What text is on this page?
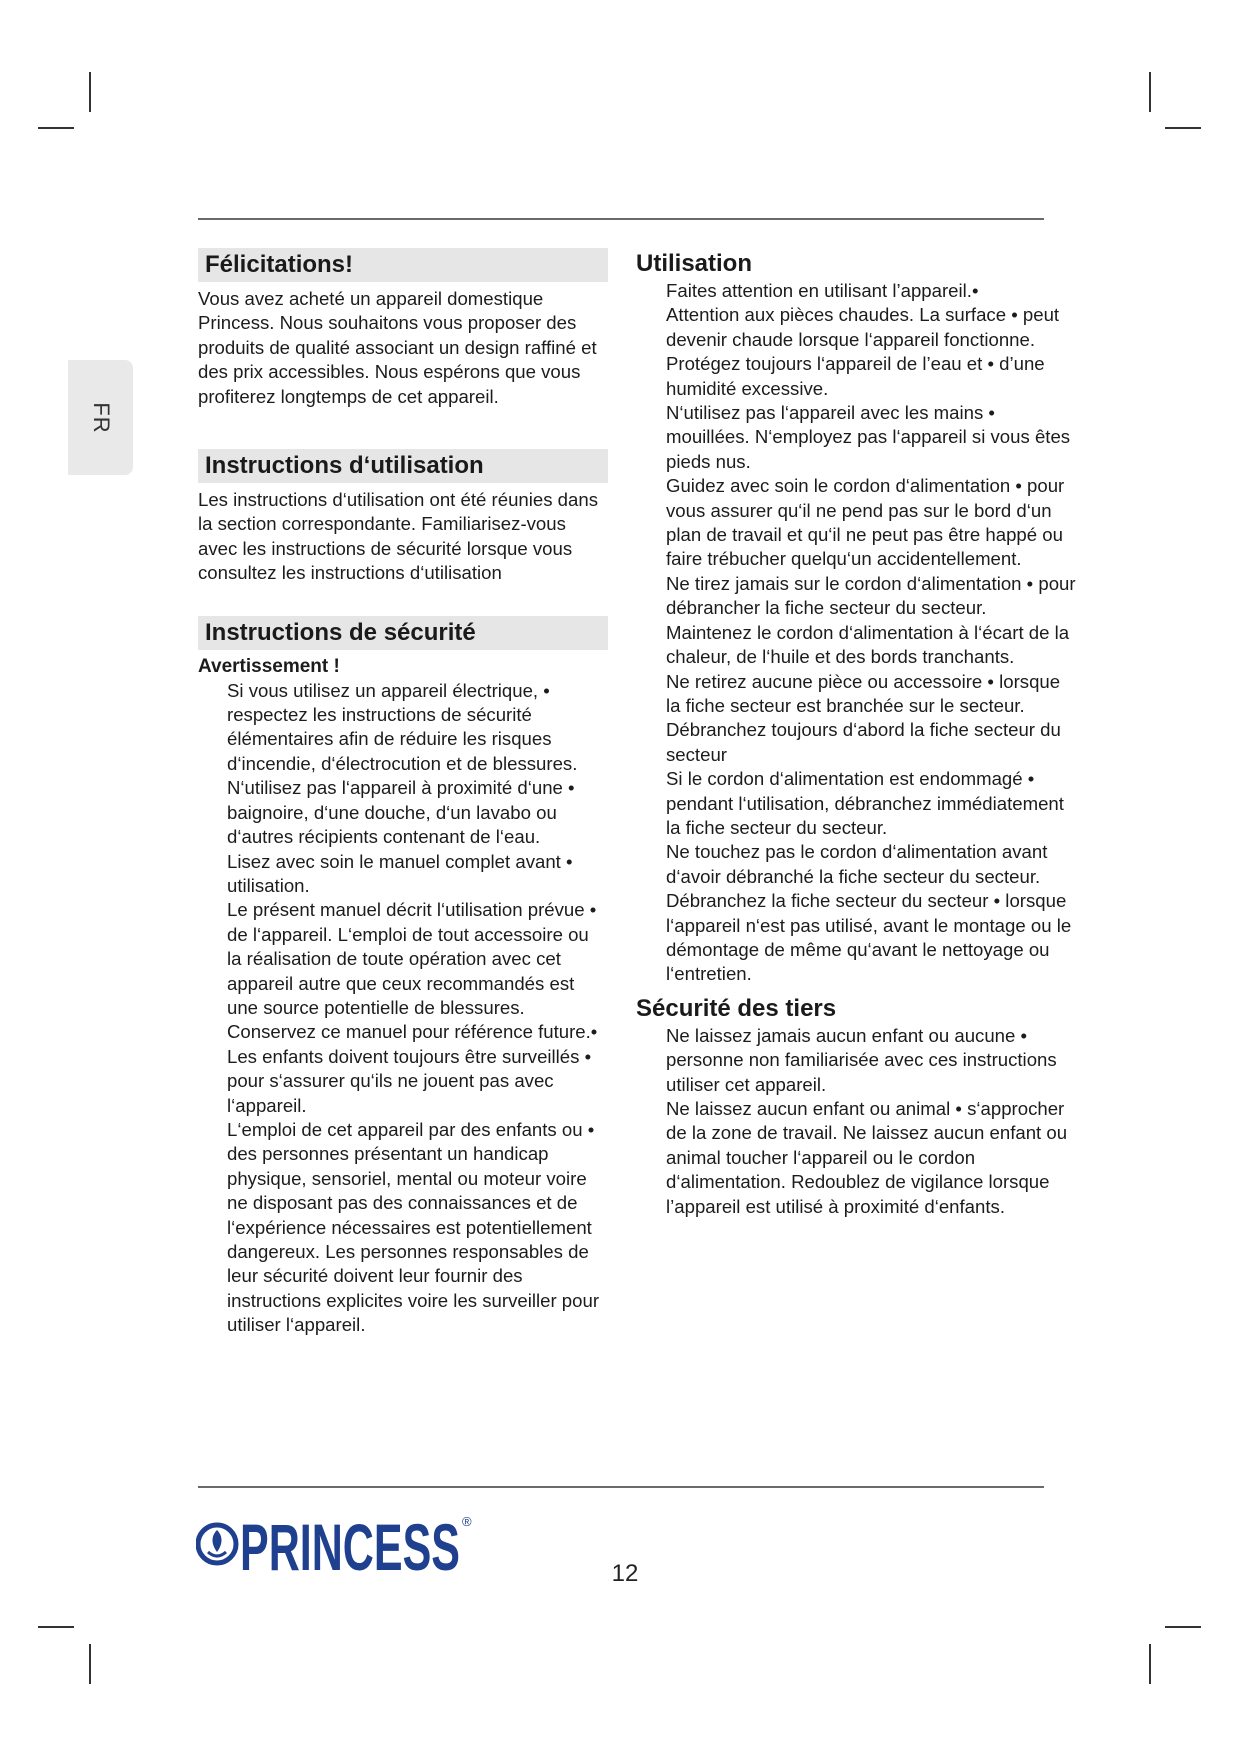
FR
Félicitations!

Vous avez acheté un appareil domestique Princess. Nous souhaitons vous proposer des produits de qualité associant un design raffiné et des prix accessibles. Nous espérons que vous profiterez longtemps de cet appareil.

Instructions d‘utilisation

Les instructions d‘utilisation ont été réunies dans la section correspondante. Familiarisez-vous avec les instructions de sécurité lorsque vous consultez les instructions d‘utilisation

Instructions de sécurité
Avertissement !
Si vous utilisez un appareil électrique, • respectez les instructions de sécurité élémentaires afin de réduire les risques d‘incendie, d‘électrocution et de blessures.
N‘utilisez pas l‘appareil à proximité d‘une • baignoire, d‘une douche, d‘un lavabo ou d‘autres récipients contenant de l‘eau.
Lisez avec soin le manuel complet avant • utilisation.
Le présent manuel décrit l‘utilisation prévue • de l‘appareil. L‘emploi de tout accessoire ou la réalisation de toute opération avec cet appareil autre que ceux recommandés est une source potentielle de blessures.
Conservez ce manuel pour référence future.•
Les enfants doivent toujours être surveillés • pour s‘assurer qu‘ils ne jouent pas avec l‘appareil.
L‘emploi de cet appareil par des enfants ou • des personnes présentant un handicap physique, sensoriel, mental ou moteur voire ne disposant pas des connaissances et de l‘expérience nécessaires est potentiellement dangereux. Les personnes responsables de leur sécurité doivent leur fournir des instructions explicites voire les surveiller pour utiliser l‘appareil.
Utilisation
Faites attention en utilisant l’appareil.•
Attention aux pièces chaudes. La surface • peut devenir chaude lorsque l‘appareil fonctionne.
Protégez toujours l‘appareil de l’eau et • d’une humidité excessive.
N‘utilisez pas l‘appareil avec les mains • mouillées. N‘employez pas l‘appareil si vous êtes pieds nus.
Guidez avec soin le cordon d‘alimentation • pour vous assurer qu‘il ne pend pas sur le bord d‘un plan de travail et qu‘il ne peut pas être happé ou faire trébucher quelqu‘un accidentellement.
Ne tirez jamais sur le cordon d‘alimentation • pour débrancher la fiche secteur du secteur.
Maintenez le cordon d‘alimentation à l‘écart de la chaleur, de l‘huile et des bords tranchants.
Ne retirez aucune pièce ou accessoire • lorsque la fiche secteur est branchée sur le secteur. Débranchez toujours d‘abord la fiche secteur du secteur
Si le cordon d‘alimentation est endommagé • pendant l‘utilisation, débranchez immédiatement la fiche secteur du secteur.
Ne touchez pas le cordon d‘alimentation avant d‘avoir débranché la fiche secteur du secteur.
Débranchez la fiche secteur du secteur • lorsque l‘appareil n‘est pas utilisé, avant le montage ou le démontage de même qu‘avant le nettoyage ou l‘entretien.
Sécurité des tiers
Ne laissez jamais aucun enfant ou aucune • personne non familiarisée avec ces instructions utiliser cet appareil.
Ne laissez aucun enfant ou animal • s‘approcher de la zone de travail. Ne laissez aucun enfant ou animal toucher l‘appareil ou le cordon d‘alimentation. Redoublez de vigilance lorsque l’appareil est utilisé à proximité d‘enfants.
PRINCESS ®
12
